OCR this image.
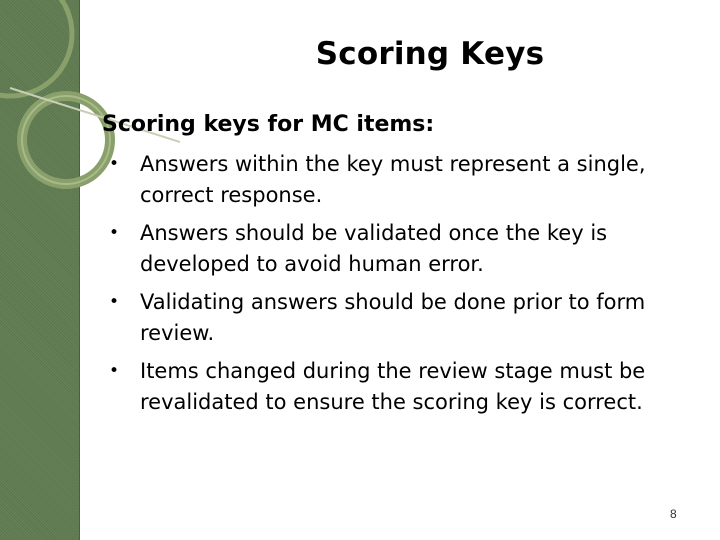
Scoring Keys
Scoring keys for MC items:
• Answers within the key must represent a single, correct response.
• Answers should be validated once the key is developed to avoid human error.
• Validating answers should be done prior to form review.
• Items changed during the review stage must be revalidated to ensure the scoring key is correct.
8
